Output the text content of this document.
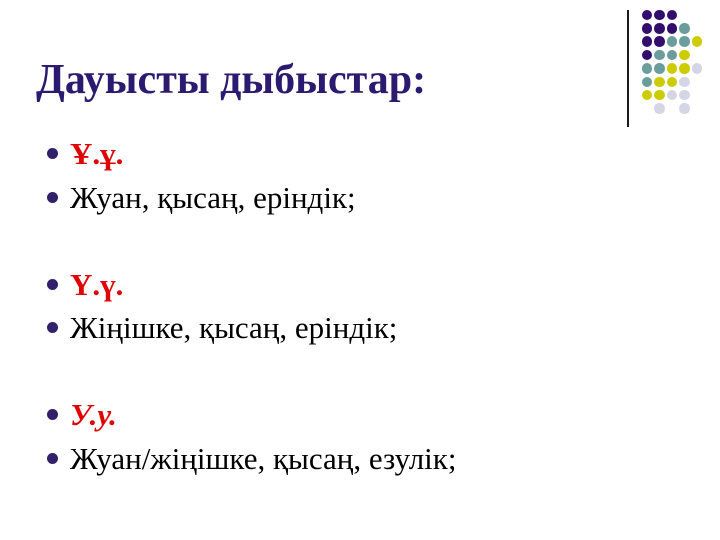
Дауысты дыбыстар:
Ұ.ұ.
Жуан, қысаң, еріндік;
Ү.ү.
Жіңішке, қысаң, еріндік;
У.у.
Жуан/жіңішке, қысаң, езулік;
